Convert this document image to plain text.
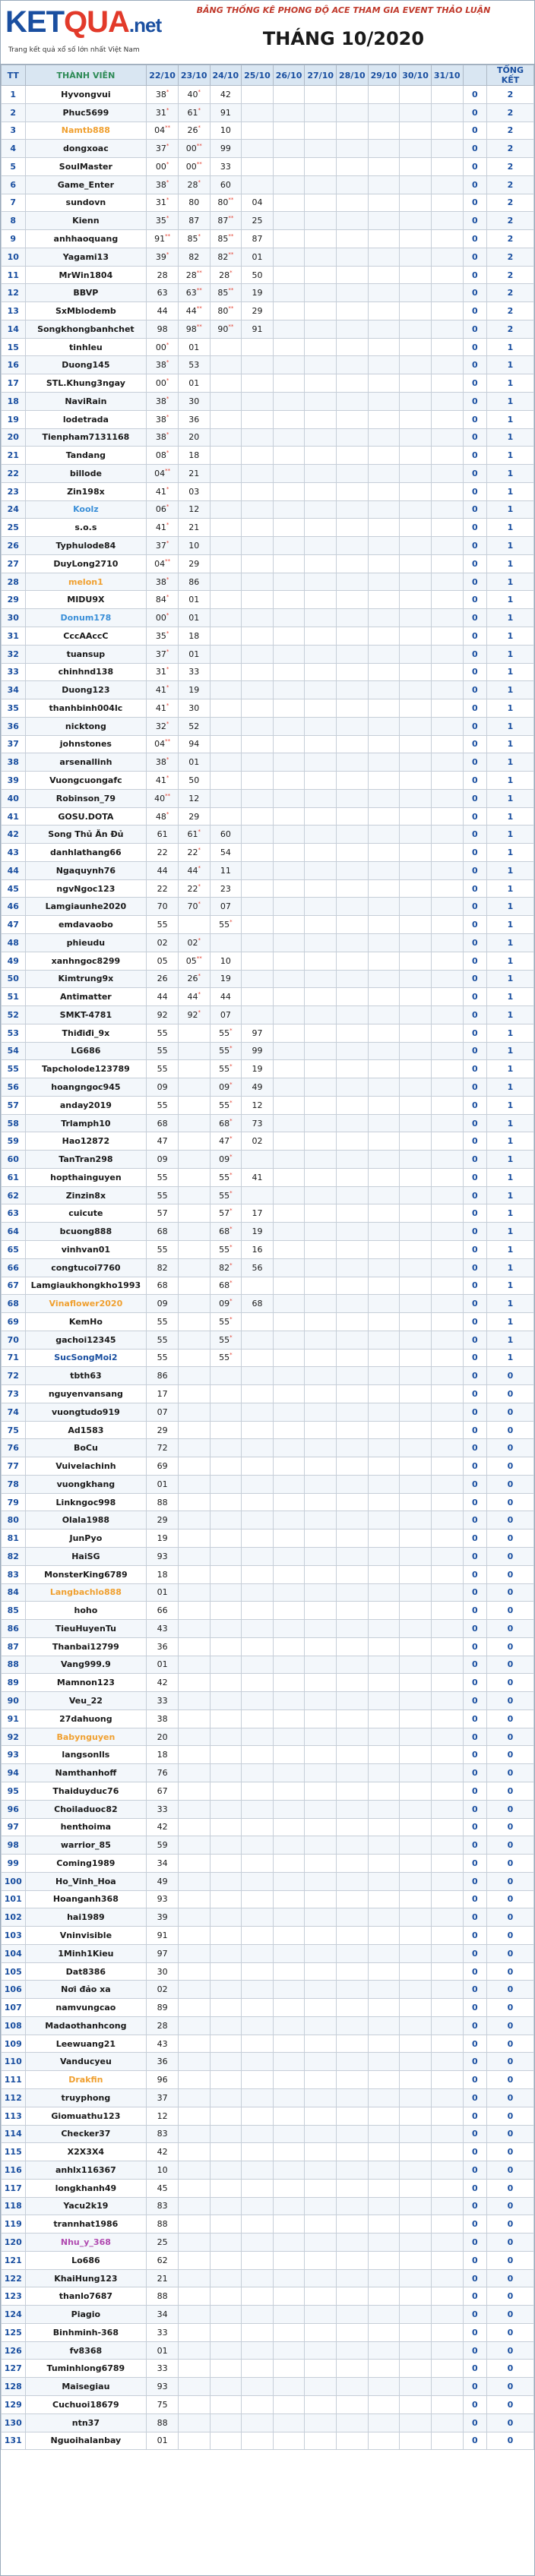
KETQUA.net
Trang kết quả xổ số lớn nhất Việt Nam
BẢNG THỐNG KÊ PHONG ĐỘ ACE THAM GIA EVENT THẢO LUẬN
THÁNG 10/2020
TT	THÀNH VIÊN	22/10	23/10	24/10	25/10	26/10	27/10	28/10	29/10	30/10	31/10		TỔNG KẾT
1	Hyvongvui	38*	40*	42								0	2
2	Phuc5699	31*	61*	91								0	2
3	Namtb888	04**	26*	10								0	2
4	dongxoac	37*	00**	99								0	2
5	SoulMaster	00*	00**	33								0	2
6	Game_Enter	38*	28*	60								0	2
7	sundovn	31*	80	80**	04							0	2
8	Kienn	35*	87	87**	25							0	2
9	anhhaoquang	91**	85*	85**	87							0	2
10	Yagami13	39*	82	82**	01							0	2
11	MrWin1804	28	28**	28*	50							0	2
12	BBVP	63	63**	85**	19							0	2
13	SxMblodemb	44	44**	80**	29							0	2
14	Songkhongbanhchet	98	98**	90**	91							0	2
15	tinhleu	00*	01									0	1
16	Duong145	38*	53									0	1
17	STL.Khung3ngay	00*	01									0	1
18	NaviRain	38*	30									0	1
19	lodetrada	38*	36									0	1
20	Tienpham7131168	38*	20									0	1
21	Tandang	08*	18									0	1
22	billode	04**	21									0	1
23	Zin198x	41*	03									0	1
24	Koolz	06*	12									0	1
25	s.o.s	41*	21									0	1
26	Typhulode84	37*	10									0	1
27	DuyLong2710	04**	29									0	1
28	melon1	38*	86									0	1
29	MIDU9X	84*	01									0	1
30	Donum178	00*	01									0	1
31	CccAAccC	35*	18									0	1
32	tuansup	37*	01									0	1
33	chinhnd138	31*	33									0	1
34	Duong123	41*	19									0	1
35	thanhbinh004lc	41*	30									0	1
36	nicktong	32*	52									0	1
37	johnstones	04**	94									0	1
38	arsenallinh	38*	01									0	1
39	Vuongcuongafc	41*	50									0	1
40	Robinson_79	40**	12									0	1
41	GOSU.DOTA	48*	29									0	1
42	Song Thủ Ăn Đủ	61	61*	60								0	1
43	danhlathang66	22	22*	54								0	1
44	Ngaquynh76	44	44*	11								0	1
45	ngvNgoc123	22	22*	23								0	1
46	Lamgiaunhe2020	70	70*	07								0	1
47	emdavaobo	55		55*								0	1
48	phieudu	02	02*									0	1
49	xanhngoc8299	05	05**	10								0	1
50	Kimtrung9x	26	26*	19								0	1
51	Antimatter	44	44*	44								0	1
52	SMKT-4781	92	92*	07								0	1
53	Thiđiđi_9x	55		55*	97							0	1
54	LG686	55		55*	99							0	1
55	Tapcholode123789	55		55*	19							0	1
56	hoangngoc945	09		09*	49							0	1
57	anday2019	55		55*	12							0	1
58	Trlamph10	68		68*	73							0	1
59	Hao12872	47		47*	02							0	1
60	TanTran298	09		09*								0	1
61	hopthainguyen	55		55*	41							0	1
62	Zinzin8x	55		55*								0	1
63	cuicute	57		57*	17							0	1
64	bcuong888	68		68*	19							0	1
65	vinhvan01	55		55*	16							0	1
66	congtucoi7760	82		82*	56							0	1
67	Lamgiaukhongkho1993	68		68*								0	1
68	Vinaflower2020	09		09*	68							0	1
69	KemHo	55		55*								0	1
70	gachoi12345	55		55*								0	1
71	SucSongMoi2	55		55*								0	1
72	tbth63	86										0	0
73	nguyenvansang	17										0	0
74	vuongtudo919	07										0	0
75	Ad1583	29										0	0
76	BoCu	72										0	0
77	Vuivelachinh	69										0	0
78	vuongkhang	01										0	0
79	Linkngoc998	88										0	0
80	Olala1988	29										0	0
81	JunPyo	19										0	0
82	HaiSG	93										0	0
83	MonsterKing6789	18										0	0
84	Langbachlo888	01										0	0
85	hoho	66										0	0
86	TieuHuyenTu	43										0	0
87	Thanbai12799	36										0	0
88	Vang999.9	01										0	0
89	Mamnon123	42										0	0
90	Veu_22	33										0	0
91	27dahuong	38										0	0
92	Babynguyen	20										0	0
93	langsonlls	18										0	0
94	Namthanhoff	76										0	0
95	Thaiduyduc76	67										0	0
96	Choiladuoc82	33										0	0
97	henthoima	42										0	0
98	warrior_85	59										0	0
99	Coming1989	34										0	0
100	Ho_Vinh_Hoa	49										0	0
101	Hoanganh368	93										0	0
102	hai1989	39										0	0
103	Vninvisible	91										0	0
104	1Minh1Kieu	97										0	0
105	Dat8386	30										0	0
106	Nơi đảo xa	02										0	0
107	namvungcao	89										0	0
108	Madaothanhcong	28										0	0
109	Leewuang21	43										0	0
110	Vanducyeu	36										0	0
111	Drakfin	96										0	0
112	truyphong	37										0	0
113	Giomuathu123	12										0	0
114	Checker37	83										0	0
115	X2X3X4	42										0	0
116	anhlx116367	10										0	0
117	longkhanh49	45										0	0
118	Yacu2k19	83										0	0
119	trannhat1986	88										0	0
120	Nhu_y_368	25										0	0
121	Lo686	62										0	0
122	KhaiHung123	21										0	0
123	thanlo7687	88										0	0
124	Piagio	34										0	0
125	Binhminh-368	33										0	0
126	fv8368	01										0	0
127	Tuminhlong6789	33										0	0
128	Maisegiau	93										0	0
129	Cuchuoi18679	75										0	0
130	ntn37	88										0	0
131	Nguoihalanbay	01										0	0
